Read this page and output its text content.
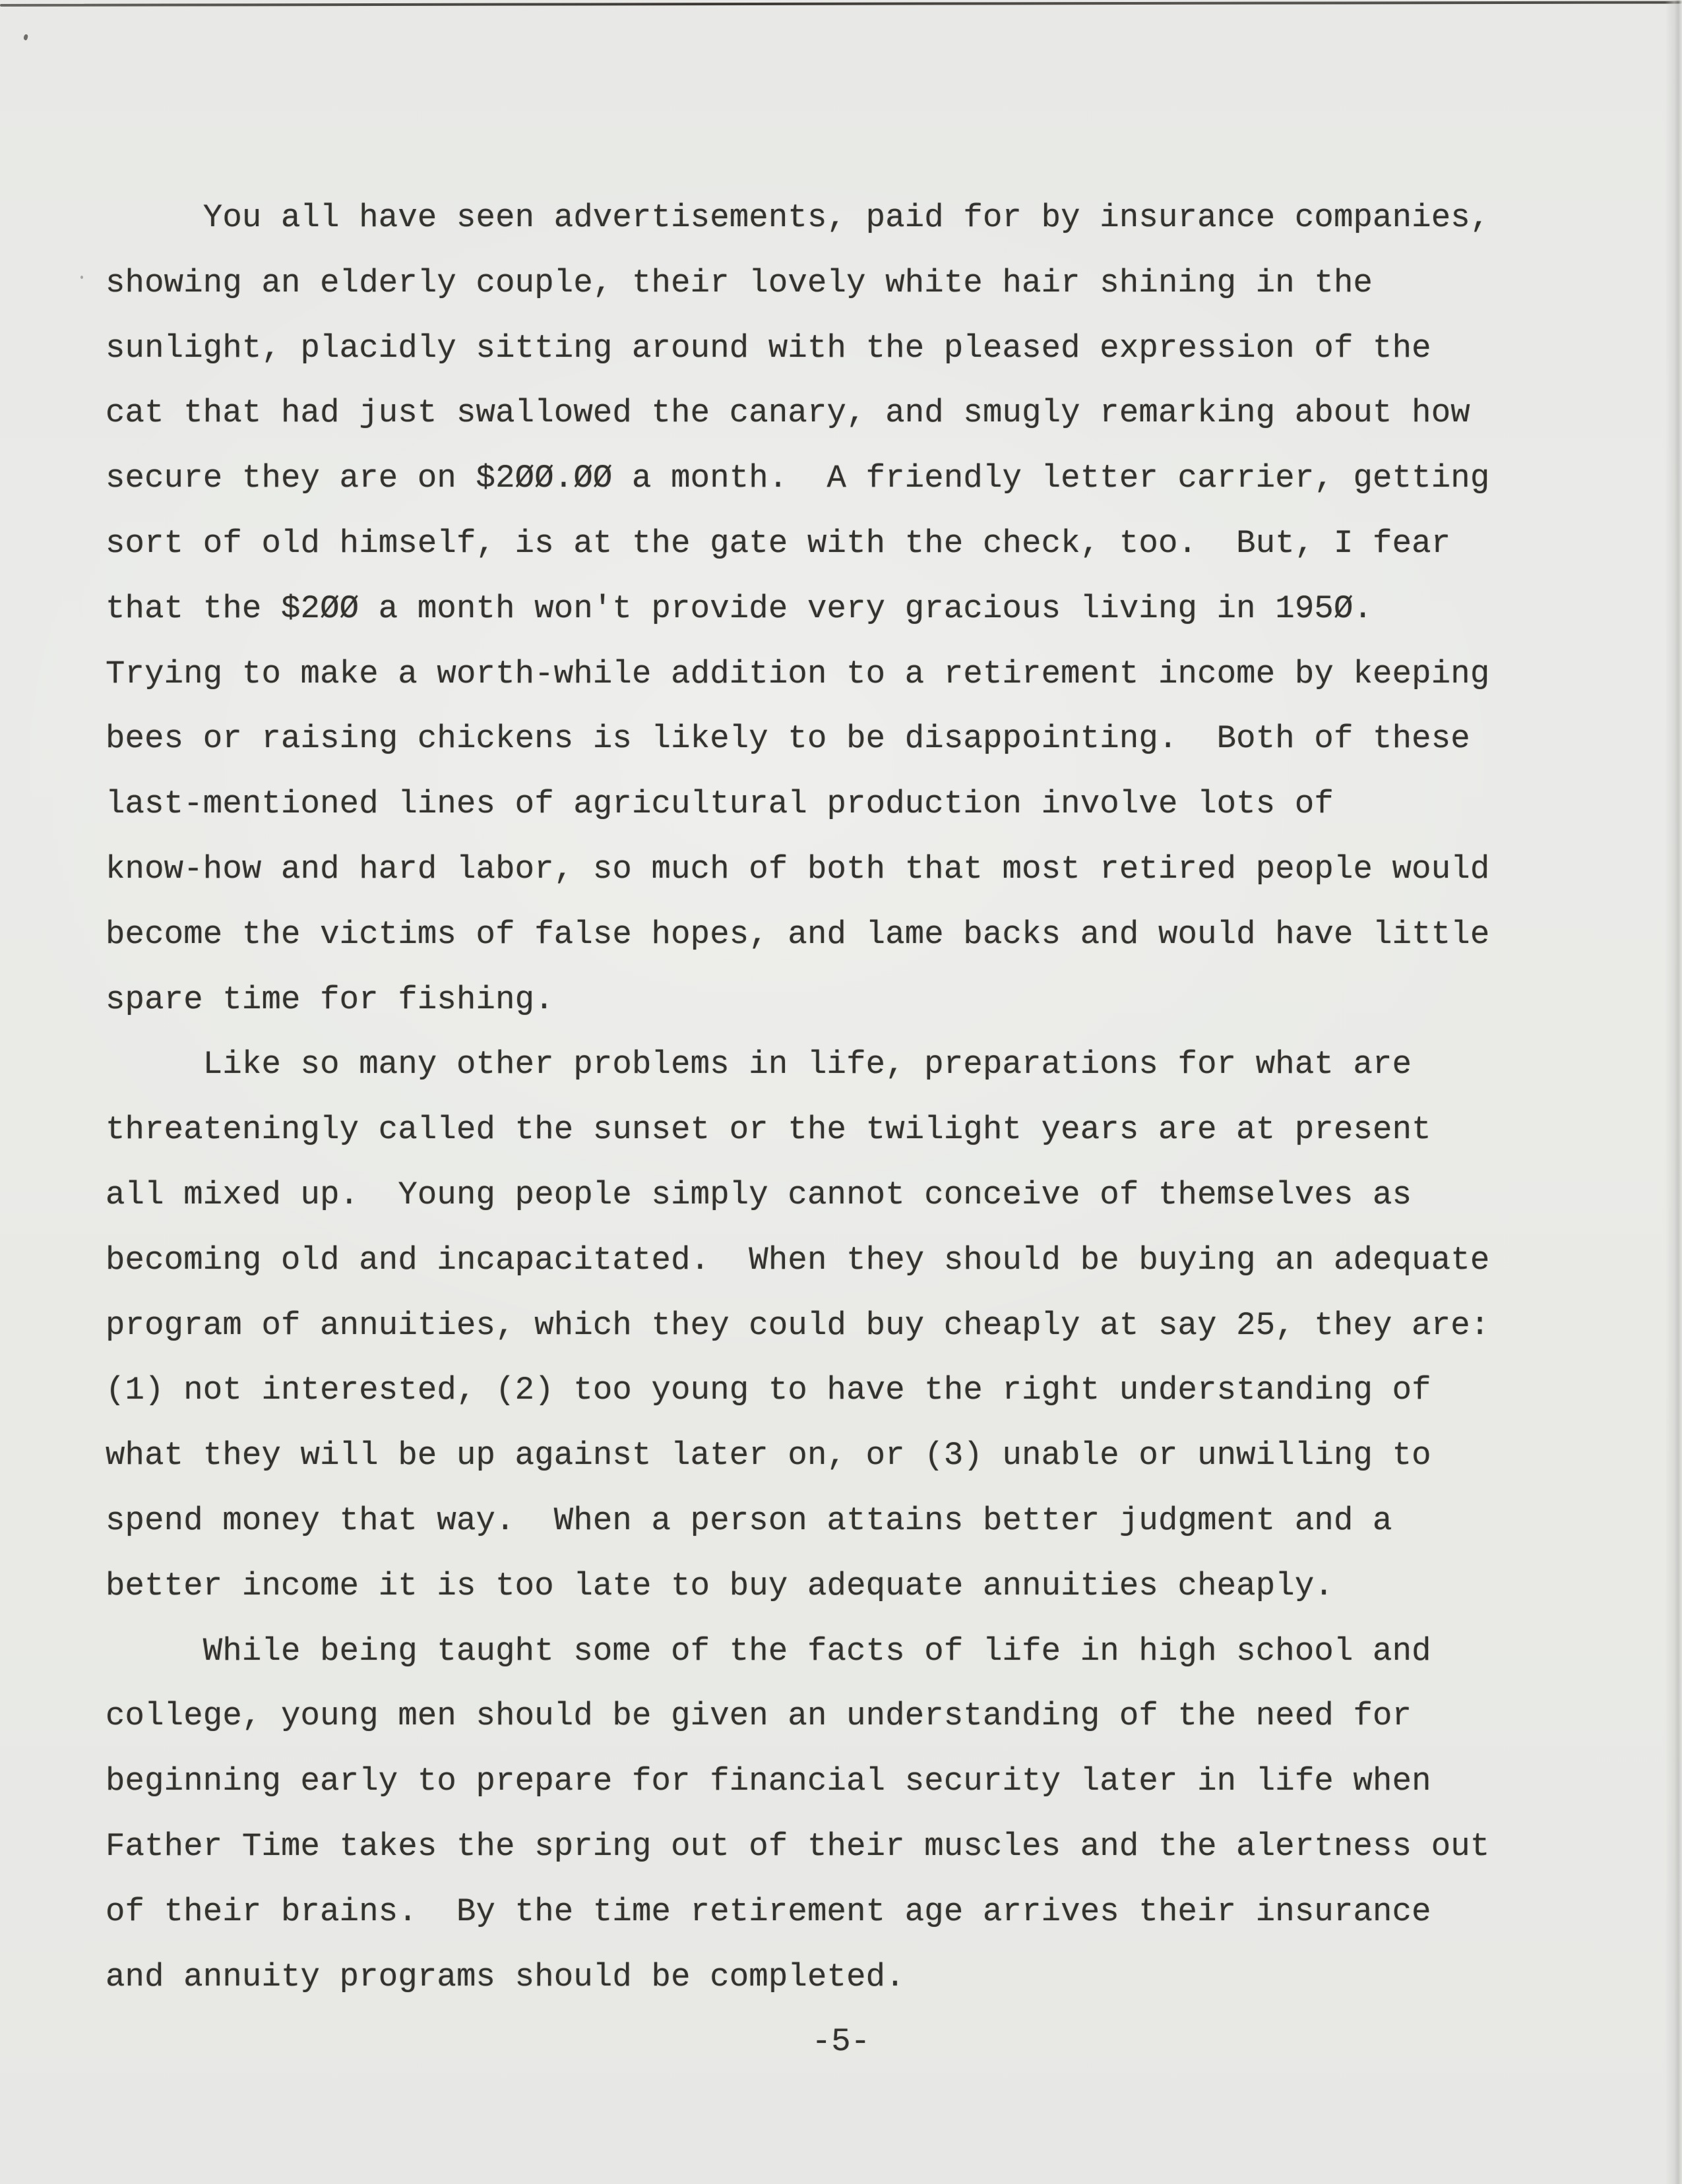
You all have seen advertisements, paid for by insurance companies,
showing an elderly couple, their lovely white hair shining in the
sunlight, placidly sitting around with the pleased expression of the
cat that had just swallowed the canary, and smugly remarking about how
secure they are on $2ØØ.ØØ a month.  A friendly letter carrier, getting
sort of old himself, is at the gate with the check, too.  But, I fear
that the $2ØØ a month won't provide very gracious living in 195Ø.
Trying to make a worth-while addition to a retirement income by keeping
bees or raising chickens is likely to be disappointing.  Both of these
last-mentioned lines of agricultural production involve lots of
know-how and hard labor, so much of both that most retired people would
become the victims of false hopes, and lame backs and would have little
spare time for fishing.
Like so many other problems in life, preparations for what are
threateningly called the sunset or the twilight years are at present
all mixed up.  Young people simply cannot conceive of themselves as
becoming old and incapacitated.  When they should be buying an adequate
program of annuities, which they could buy cheaply at say 25, they are:
(1) not interested, (2) too young to have the right understanding of
what they will be up against later on, or (3) unable or unwilling to
spend money that way.  When a person attains better judgment and a
better income it is too late to buy adequate annuities cheaply.
While being taught some of the facts of life in high school and
college, young men should be given an understanding of the need for
beginning early to prepare for financial security later in life when
Father Time takes the spring out of their muscles and the alertness out
of their brains.  By the time retirement age arrives their insurance
and annuity programs should be completed.
-5-
